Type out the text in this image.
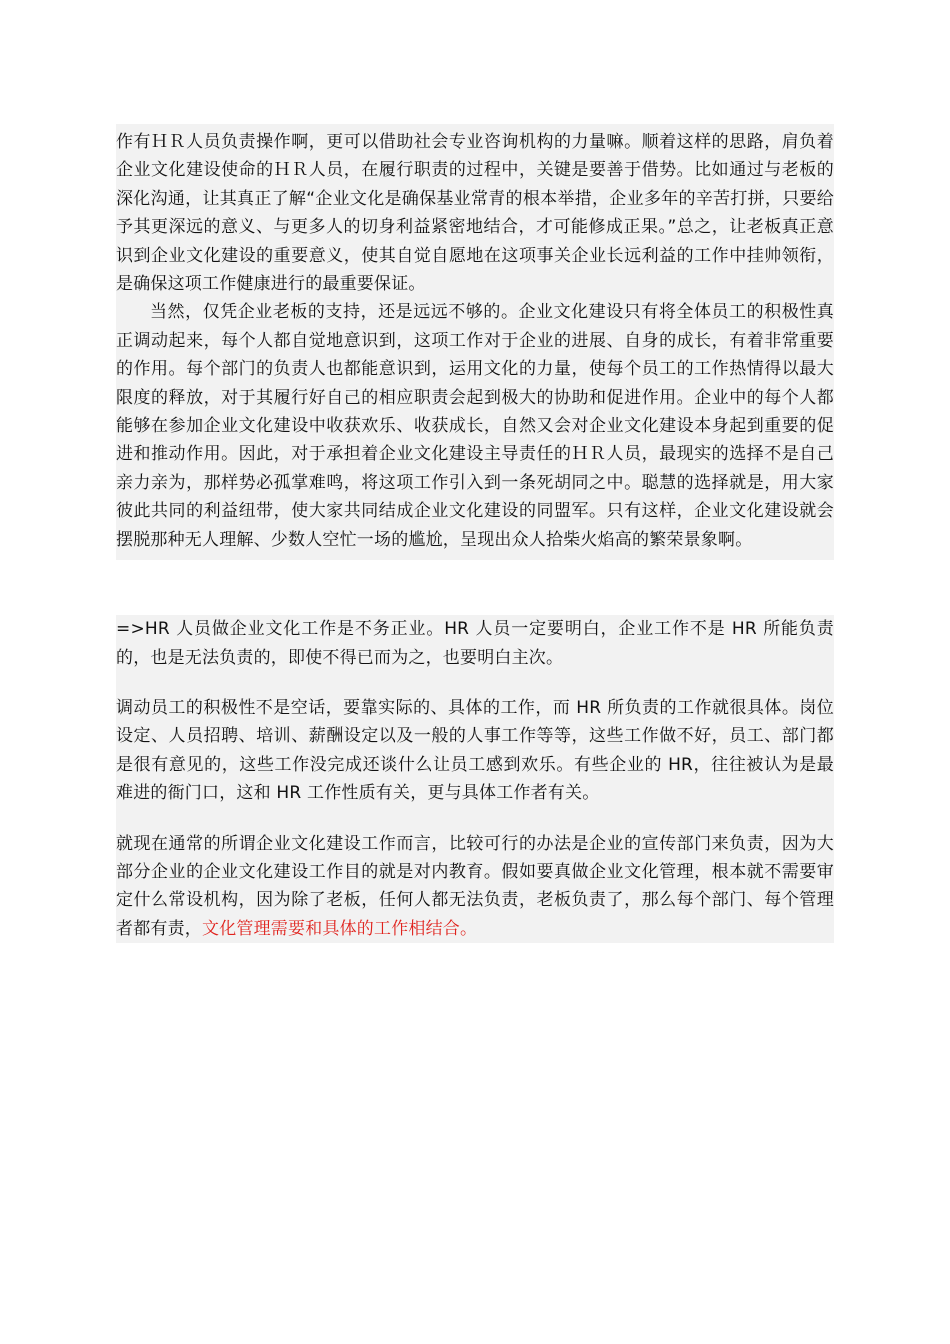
作有ＨＲ人员负责操作啊，更可以借助社会专业咨询机构的力量嘛。顺着这样的思路，肩负着企业文化建设使命的ＨＲ人员，在履行职责的过程中，关键是要善于借势。比如通过与老板的深化沟通，让其真正了解“企业文化是确保基业常青的根本举措，企业多年的辛苦打拼，只要给予其更深远的意义、与更多人的切身利益紧密地结合，才可能修成正果。”总之，让老板真正意识到企业文化建设的重要意义，使其自觉自愿地在这项事关企业长远利益的工作中挂帅领衔，是确保这项工作健康进行的最重要保证。

当然，仅凭企业老板的支持，还是远远不够的。企业文化建设只有将全体员工的积极性真正调动起来，每个人都自觉地意识到，这项工作对于企业的进展、自身的成长，有着非常重要的作用。每个部门的负责人也都能意识到，运用文化的力量，使每个员工的工作热情得以最大限度的释放，对于其履行好自己的相应职责会起到极大的协助和促进作用。企业中的每个人都能够在参加企业文化建设中收获欢乐、收获成长，自然又会对企业文化建设本身起到重要的促进和推动作用。因此，对于承担着企业文化建设主导责任的ＨＲ人员，最现实的选择不是自己亲力亲为，那样势必孤掌难鸣，将这项工作引入到一条死胡同之中。聪慧的选择就是，用大家彼此共同的利益纽带，使大家共同结成企业文化建设的同盟军。只有这样，企业文化建设就会摆脱那种无人理解、少数人空忙一场的尴尬，呈现出众人拾柴火焰高的繁荣景象啊。

=>HR 人员做企业文化工作是不务正业。HR 人员一定要明白，企业工作不是 HR 所能负责的，也是无法负责的，即使不得已而为之，也要明白主次。

调动员工的积极性不是空话，要靠实际的、具体的工作，而 HR 所负责的工作就很具体。岗位设定、人员招聘、培训、薪酬设定以及一般的人事工作等等，这些工作做不好，员工、部门都是很有意见的，这些工作没完成还谈什么让员工感到欢乐。有些企业的 HR，往往被认为是最难进的衙门口，这和 HR 工作性质有关，更与具体工作者有关。

就现在通常的所谓企业文化建设工作而言，比较可行的办法是企业的宣传部门来负责，因为大部分企业的企业文化建设工作目的就是对内教育。假如要真做企业文化管理，根本就不需要审定什么常设机构，因为除了老板，任何人都无法负责，老板负责了，那么每个部门、每个管理者都有责，文化管理需要和具体的工作相结合。
